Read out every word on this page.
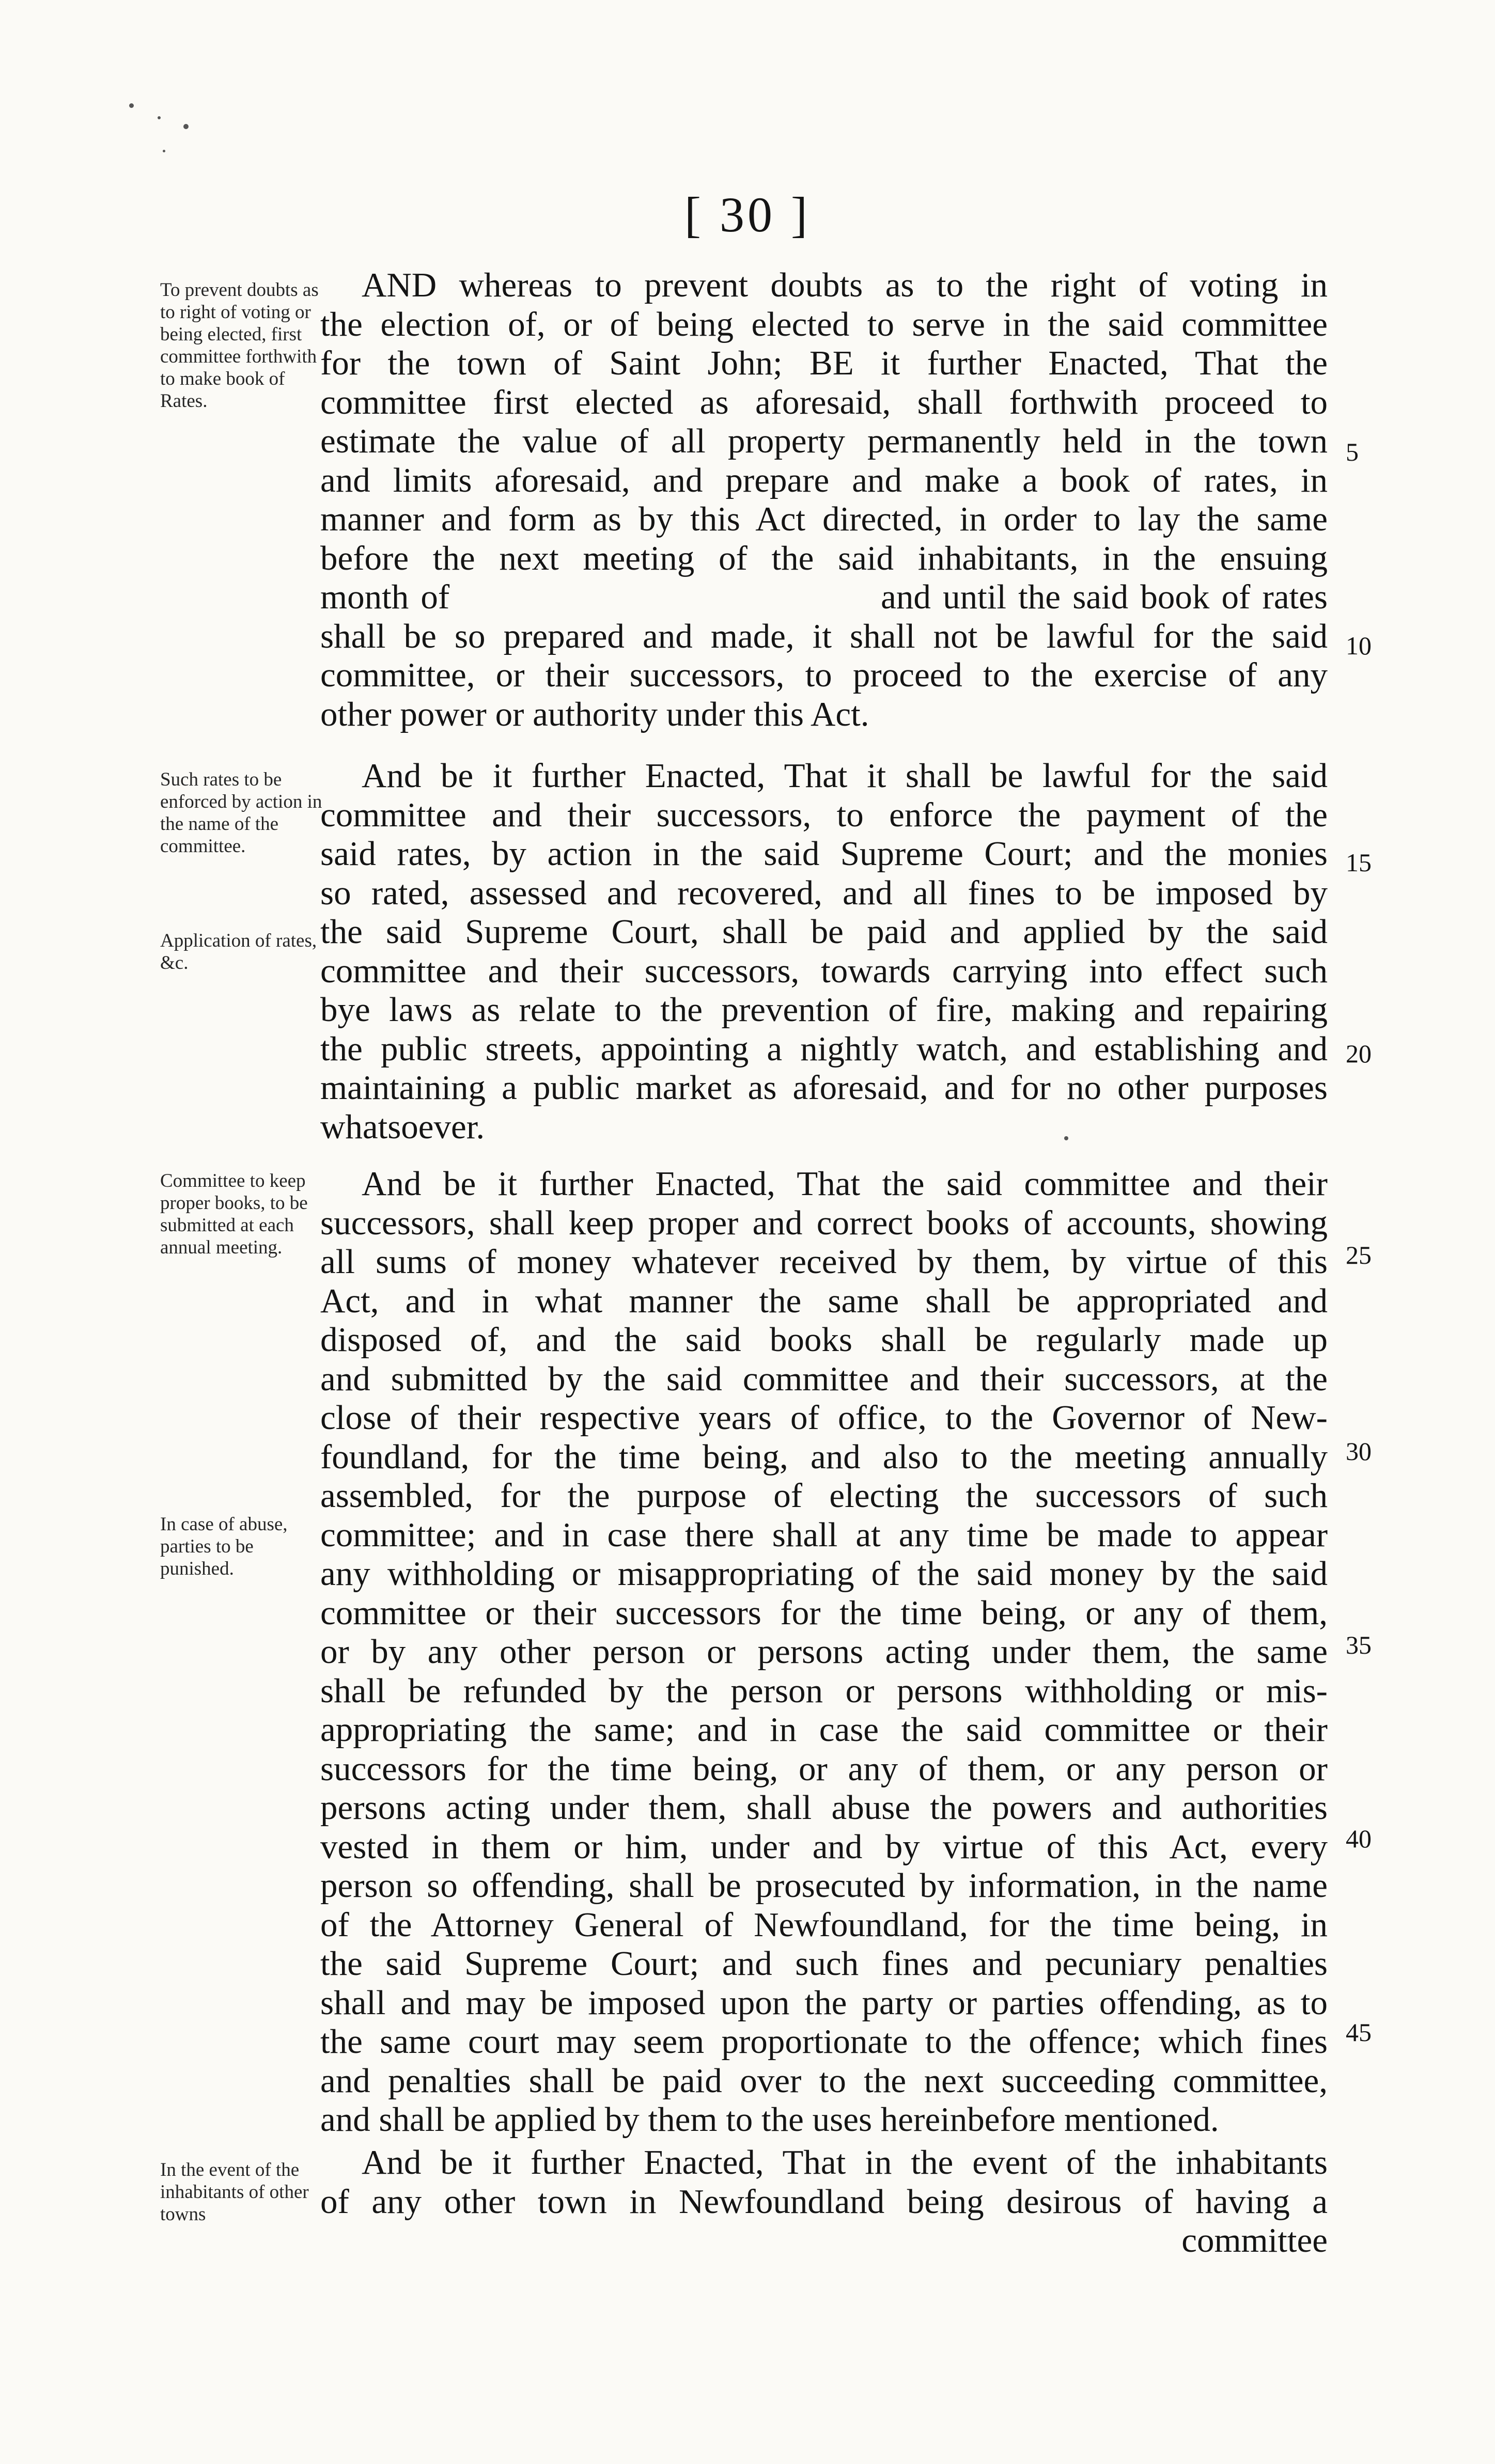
[ 30 ]
To prevent doubts as to right of voting or being elected, first committee forthwith to make book of Rates.
Such rates to be enforced by action in the name of the committee.
Application of rates, &c.
Committee to keep proper books, to be submitted at each annual meeting.
In case of abuse, parties to be punished.
In the event of the inhabitants of other towns
AND whereas to prevent doubts as to the right of voting in
the election of, or of being elected to serve in the said committee
for the town of Saint John; BE it further Enacted, That the
committee first elected as aforesaid, shall forthwith proceed to
estimate the value of all property permanently held in the town
and limits aforesaid, and prepare and make a book of rates, in
manner and form as by this Act directed, in order to lay the same
before the next meeting of the said inhabitants, in the ensuing
month of                                    and until the said book of rates
shall be so prepared and made, it shall not be lawful for the said
committee, or their successors, to proceed to the exercise of any
other power or authority under this Act.
And be it further Enacted, That it shall be lawful for the said
committee and their successors, to enforce the payment of the
said rates, by action in the said Supreme Court; and the monies
so rated, assessed and recovered, and all fines to be imposed by
the said Supreme Court, shall be paid and applied by the said
committee and their successors, towards carrying into effect such
bye laws as relate to the prevention of fire, making and repairing
the public streets, appointing a nightly watch, and establishing and
maintaining a public market as aforesaid, and for no other purposes
whatsoever.
And be it further Enacted, That the said committee and their
successors, shall keep proper and correct books of accounts, showing
all sums of money whatever received by them, by virtue of this
Act, and in what manner the same shall be appropriated and
disposed of, and the said books shall be regularly made up
and submitted by the said committee and their successors, at the
close of their respective years of office, to the Governor of New-
foundland, for the time being, and also to the meeting annually
assembled, for the purpose of electing the successors of such
committee; and in case there shall at any time be made to appear
any withholding or misappropriating of the said money by the said
committee or their successors for the time being, or any of them,
or by any other person or persons acting under them, the same
shall be refunded by the person or persons withholding or mis-
appropriating the same; and in case the said committee or their
successors for the time being, or any of them, or any person or
persons acting under them, shall abuse the powers and authorities
vested in them or him, under and by virtue of this Act, every
person so offending, shall be prosecuted by information, in the name
of the Attorney General of Newfoundland, for the time being, in
the said Supreme Court; and such fines and pecuniary penalties
shall and may be imposed upon the party or parties offending, as to
the same court may seem proportionate to the offence; which fines
and penalties shall be paid over to the next succeeding committee,
and shall be applied by them to the uses hereinbefore mentioned.
And be it further Enacted, That in the event of the inhabitants
of any other town in Newfoundland being desirous of having a
committee
5
10
15
20
25
30
35
40
45
